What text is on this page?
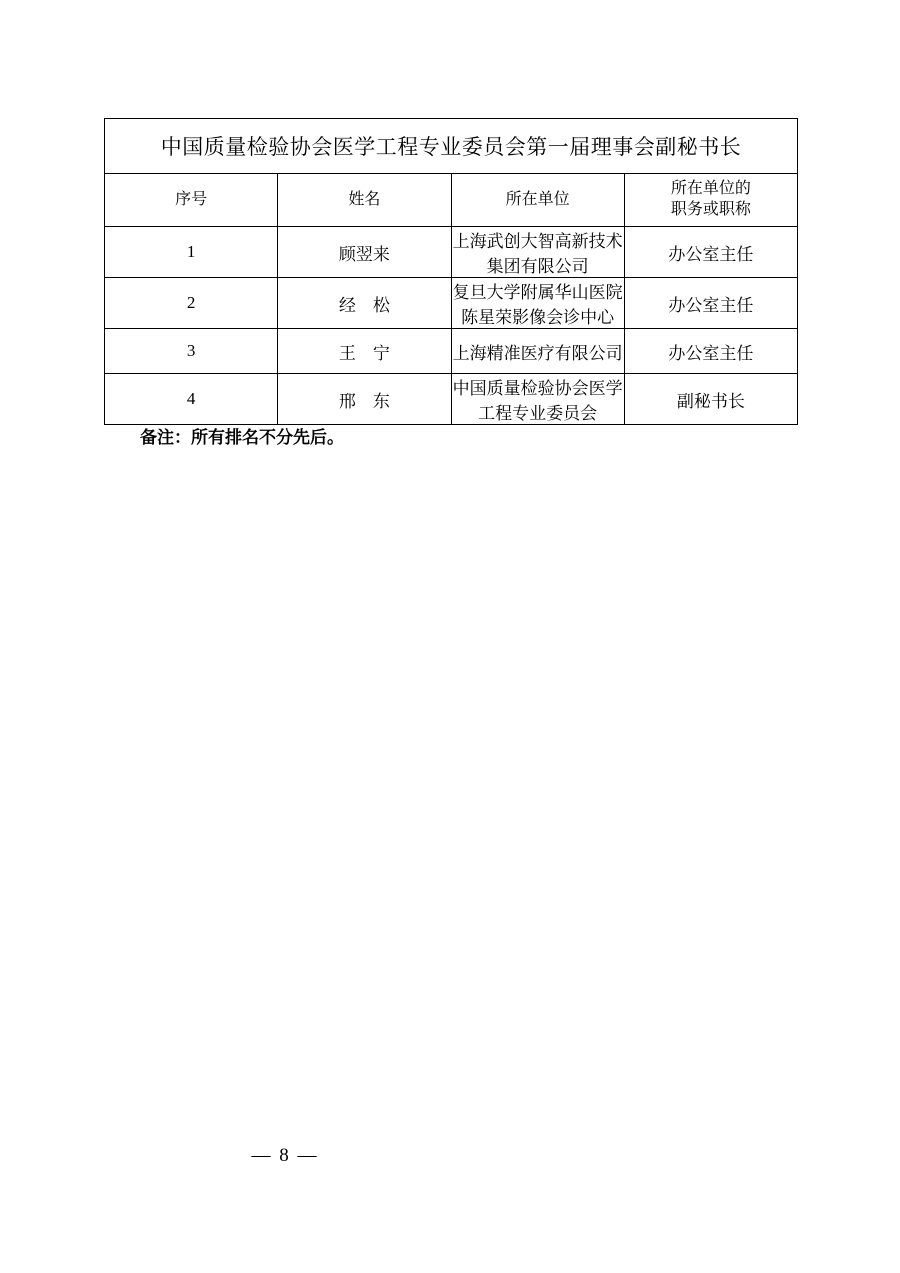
中国质量检验协会医学工程专业委员会第一届理事会副秘书长			
序号	姓名	所在单位	所在单位的
职务或职称

1	顾翌来	上海武创大智高新技术集团有限公司	办公室主任
2	经　松	复旦大学附属华山医院陈星荣影像会诊中心	办公室主任
3	王　宁	上海精准医疗有限公司	办公室主任
4	邢　东	中国质量检验协会医学工程专业委员会	副秘书长
备注：所有排名不分先后。
— 8 —
